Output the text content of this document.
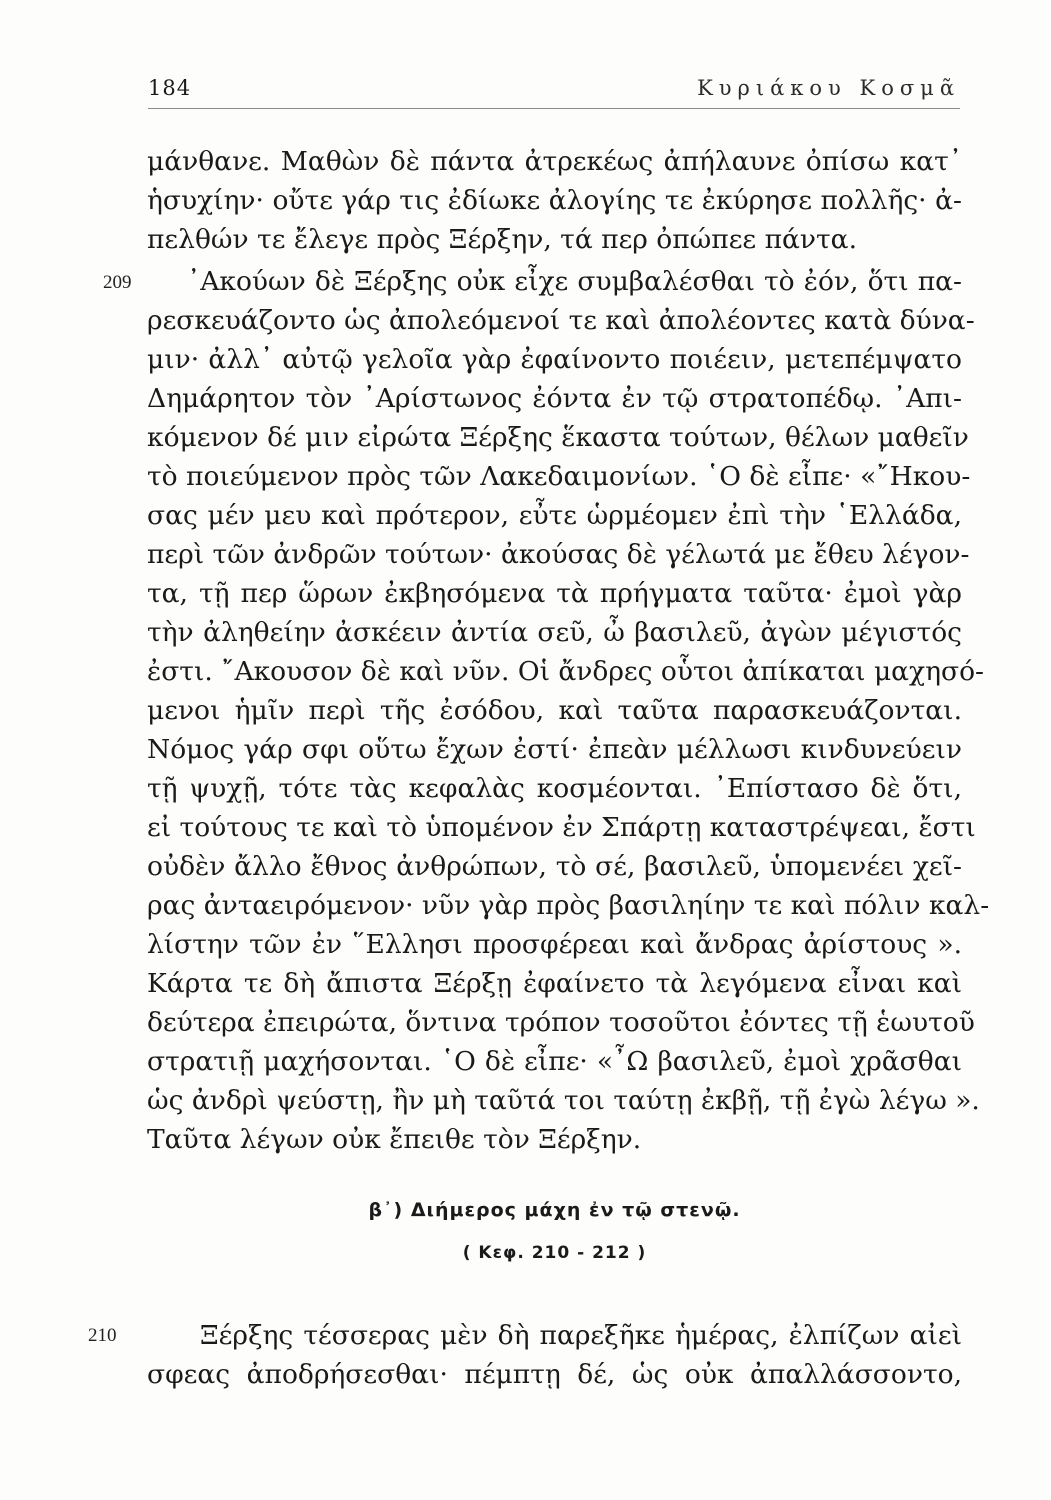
184	Κυριάκου Κοσμᾶ
μάνθανε. Μαθὼν δὲ πάντα ἀτρεκέως ἀπήλαυνε ὀπίσω κατ᾽
ἡσυχίην· οὔτε γάρ τις ἐδίωκε ἀλογίης τε ἐκύρησε πολλῆς· ἀ-
πελθών τε ἔλεγε πρὸς Ξέρξην, τά περ ὀπώπεε πάντα.
209 ᾽Ακούων δὲ Ξέρξης οὐκ εἶχε συμβαλέσθαι τὸ ἐόν, ὅτι πα-
ρεσκευάζοντο ὡς ἀπολεόμενοί τε καὶ ἀπολέοντες κατὰ δύνα-
μιν· ἀλλ᾽ αὐτῷ γελοῖα γὰρ ἐφαίνοντο ποιέειν, μετεπέμψατο
Δημάρητον τὸν ᾽Αρίστωνος ἐόντα ἐν τῷ στρατοπέδῳ. ᾽Απι-
κόμενον δέ μιν εἰρώτα Ξέρξης ἕκαστα τούτων, θέλων μαθεῖν
τὸ ποιεύμενον πρὸς τῶν Λακεδαιμονίων. ῾Ο δὲ εἶπε· «῎Ηκου-
σας μέν μευ καὶ πρότερον, εὖτε ὡρμέομεν ἐπὶ τὴν ῾Ελλάδα,
περὶ τῶν ἀνδρῶν τούτων· ἀκούσας δὲ γέλωτά με ἔθευ λέγον-
τα, τῇ περ ὥρων ἐκβησόμενα τὰ πρήγματα ταῦτα· ἐμοὶ γὰρ
τὴν ἀληθείην ἀσκέειν ἀντία σεῦ, ὦ βασιλεῦ, ἀγὼν μέγιστός
ἐστι. ῎Ακουσον δὲ καὶ νῦν. Οἱ ἄνδρες οὗτοι ἀπίκαται μαχησό-
μενοι ἡμῖν περὶ τῆς ἐσόδου, καὶ ταῦτα παρασκευάζονται.
Νόμος γάρ σφι οὕτω ἔχων ἐστί· ἐπεὰν μέλλωσι κινδυνεύειν
τῇ ψυχῇ, τότε τὰς κεφαλὰς κοσμέονται. ᾽Επίστασο δὲ ὅτι,
εἰ τούτους τε καὶ τὸ ὑπομένον ἐν Σπάρτῃ καταστρέψεαι, ἔστι
οὐδὲν ἄλλο ἔθνος ἀνθρώπων, τὸ σέ, βασιλεῦ, ὑπομενέει χεῖ-
ρας ἀνταειρόμενον· νῦν γὰρ πρὸς βασιληίην τε καὶ πόλιν καλ-
λίστην τῶν ἐν ῞Ελλησι προσφέρεαι καὶ ἄνδρας ἀρίστους ».
Κάρτα τε δὴ ἄπιστα Ξέρξῃ ἐφαίνετο τὰ λεγόμενα εἶναι καὶ
δεύτερα ἐπειρώτα, ὅντινα τρόπον τοσοῦτοι ἐόντες τῇ ἑωυτοῦ
στρατιῇ μαχήσονται. ῾Ο δὲ εἶπε· «῏Ω βασιλεῦ, ἐμοὶ χρᾶσθαι
ὡς ἀνδρὶ ψεύστῃ, ἢν μὴ ταῦτά τοι ταύτῃ ἐκβῇ, τῇ ἐγὼ λέγω ».
Ταῦτα λέγων οὐκ ἔπειθε τὸν Ξέρξην.
β᾽) Διήμερος μάχη ἐν τῷ στενῷ.
( Κεφ. 210 - 212 )
210	Ξέρξης τέσσερας μὲν δὴ παρεξῆκε ἡμέρας, ἐλπίζων αἰεὶ
σφεας ἀποδρήσεσθαι· πέμπτῃ δέ, ὡς οὐκ ἀπαλλάσσοντο,
